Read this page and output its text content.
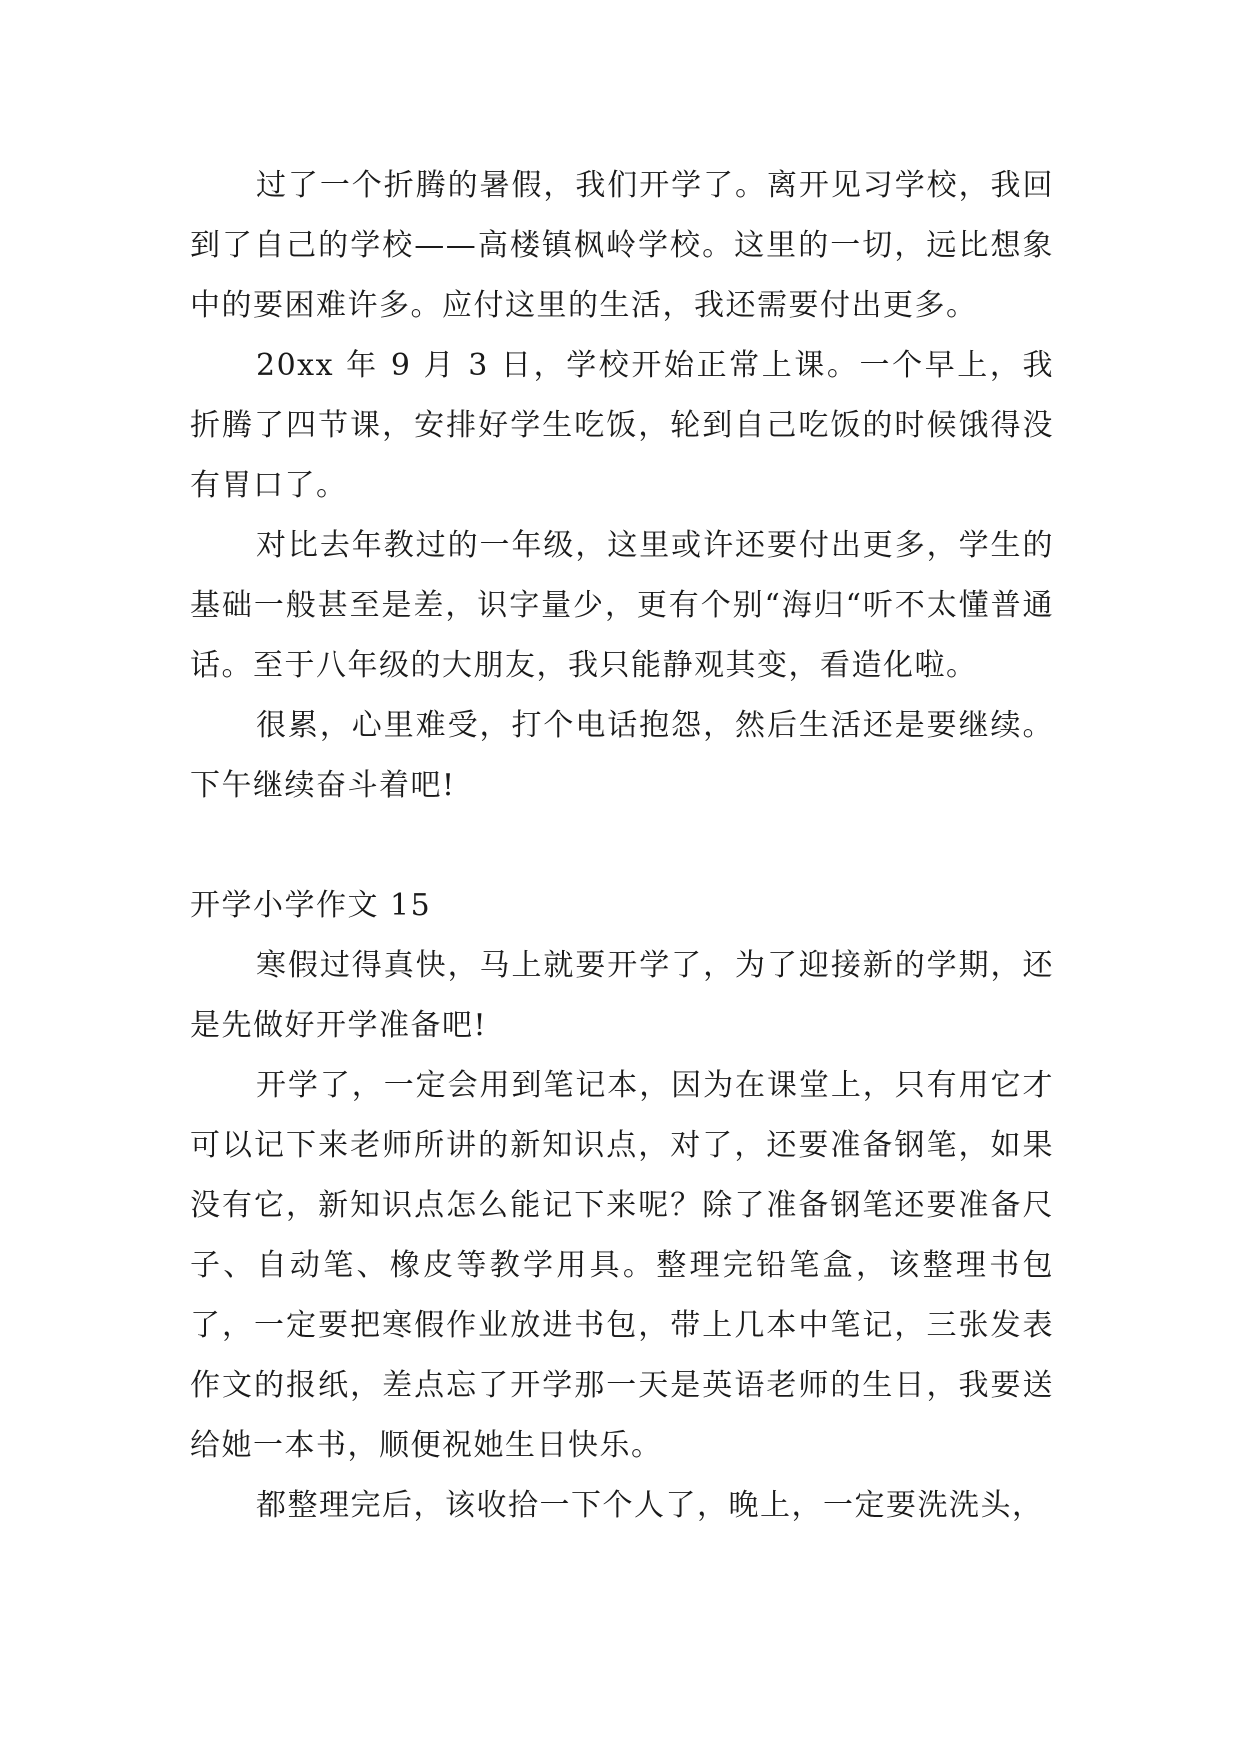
过了一个折腾的暑假，我们开学了。离开见习学校，我回到了自己的学校——高楼镇枫岭学校。这里的一切，远比想象中的要困难许多。应付这里的生活，我还需要付出更多。

20xx 年 9 月 3 日，学校开始正常上课。一个早上，我折腾了四节课，安排好学生吃饭，轮到自己吃饭的时候饿得没有胃口了。

对比去年教过的一年级，这里或许还要付出更多，学生的基础一般甚至是差，识字量少，更有个别“海归“听不太懂普通话。至于八年级的大朋友，我只能静观其变，看造化啦。

很累，心里难受，打个电话抱怨，然后生活还是要继续。下午继续奋斗着吧!

开学小学作文 15

寒假过得真快，马上就要开学了，为了迎接新的学期，还是先做好开学准备吧!

开学了，一定会用到笔记本，因为在课堂上，只有用它才可以记下来老师所讲的新知识点，对了，还要准备钢笔，如果没有它，新知识点怎么能记下来呢？除了准备钢笔还要准备尺子、自动笔、橡皮等教学用具。整理完铅笔盒，该整理书包了，一定要把寒假作业放进书包，带上几本中笔记，三张发表作文的报纸，差点忘了开学那一天是英语老师的生日，我要送给她一本书，顺便祝她生日快乐。

都整理完后，该收拾一下个人了，晚上，一定要洗洗头，
